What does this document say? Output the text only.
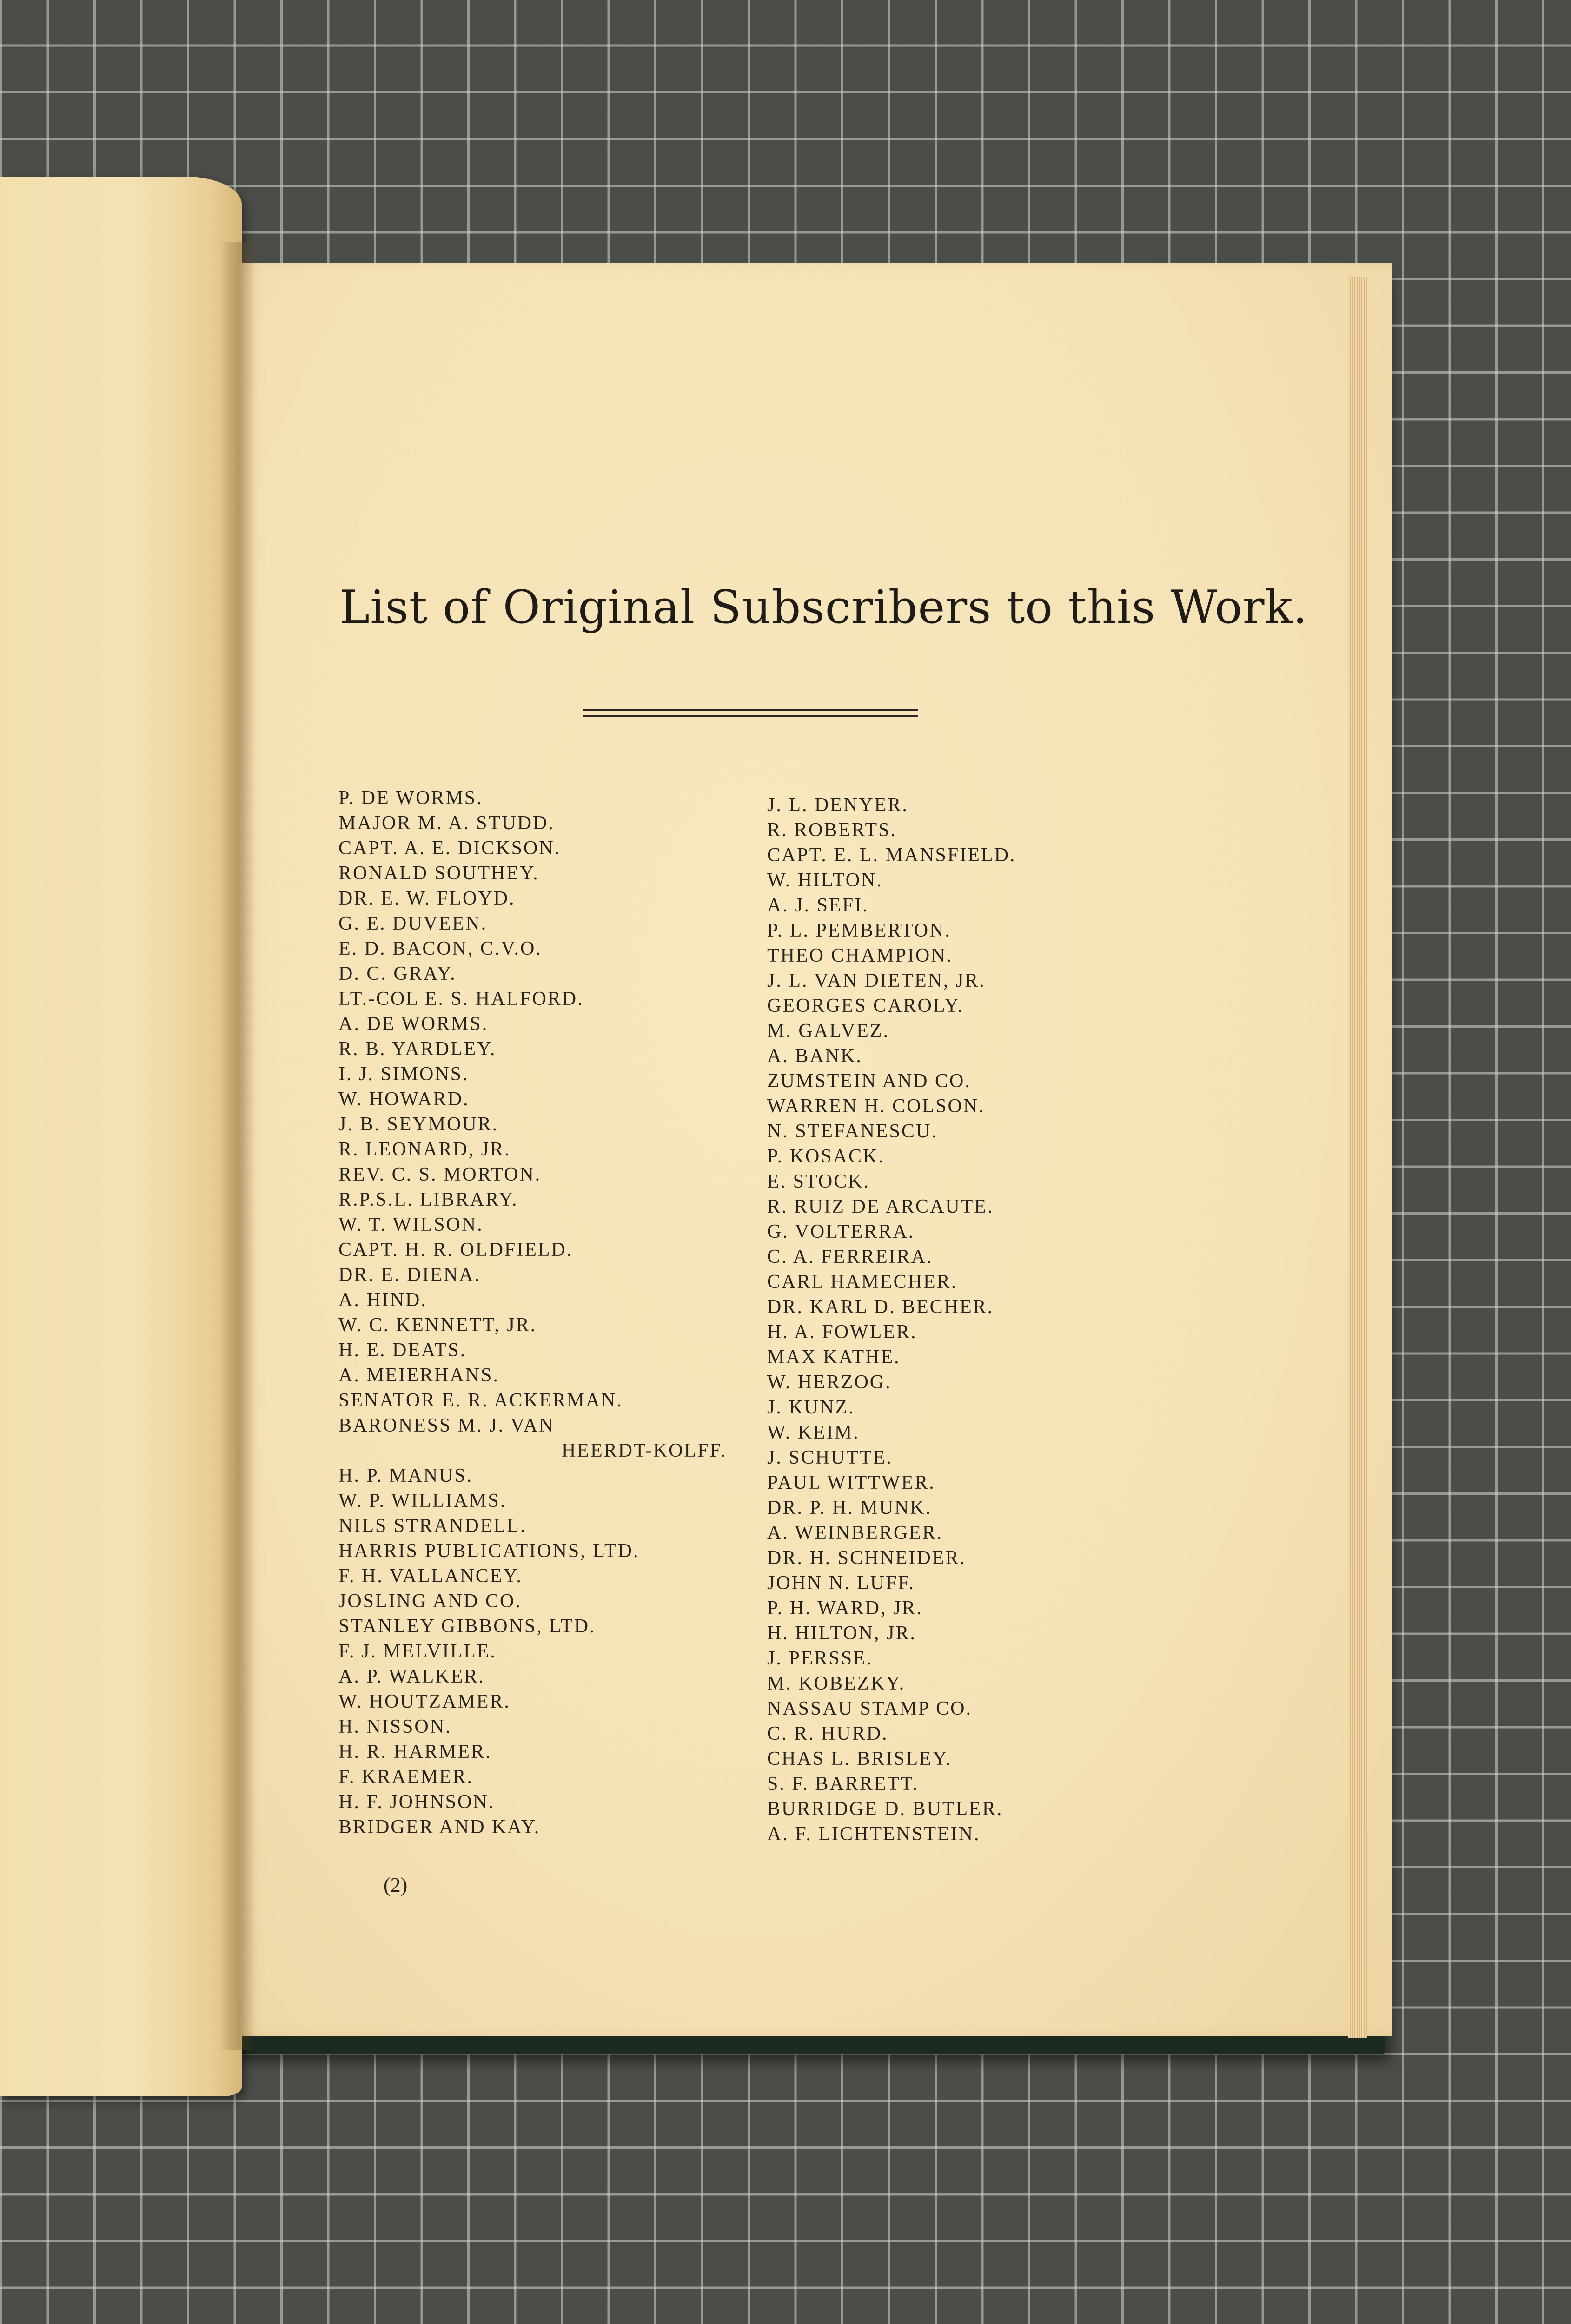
List of Original Subscribers to this Work.
P. DE WORMS.
MAJOR M. A. STUDD.
CAPT. A. E. DICKSON.
RONALD SOUTHEY.
DR. E. W. FLOYD.
G. E. DUVEEN.
E. D. BACON, C.V.O.
D. C. GRAY.
LT.-COL E. S. HALFORD.
A. DE WORMS.
R. B. YARDLEY.
I. J. SIMONS.
W. HOWARD.
J. B. SEYMOUR.
R. LEONARD, JR.
REV. C. S. MORTON.
R.P.S.L. LIBRARY.
W. T. WILSON.
CAPT. H. R. OLDFIELD.
DR. E. DIENA.
A. HIND.
W. C. KENNETT, JR.
H. E. DEATS.
A. MEIERHANS.
SENATOR E. R. ACKERMAN.
BARONESS M. J. VAN
HEERDT-KOLFF.
H. P. MANUS.
W. P. WILLIAMS.
NILS STRANDELL.
HARRIS PUBLICATIONS, LTD.
F. H. VALLANCEY.
JOSLING AND CO.
STANLEY GIBBONS, LTD.
F. J. MELVILLE.
A. P. WALKER.
W. HOUTZAMER.
H. NISSON.
H. R. HARMER.
F. KRAEMER.
H. F. JOHNSON.
BRIDGER AND KAY.
J. L. DENYER.
R. ROBERTS.
CAPT. E. L. MANSFIELD.
W. HILTON.
A. J. SEFI.
P. L. PEMBERTON.
THEO CHAMPION.
J. L. VAN DIETEN, JR.
GEORGES CAROLY.
M. GALVEZ.
A. BANK.
ZUMSTEIN AND CO.
WARREN H. COLSON.
N. STEFANESCU.
P. KOSACK.
E. STOCK.
R. RUIZ DE ARCAUTE.
G. VOLTERRA.
C. A. FERREIRA.
CARL HAMECHER.
DR. KARL D. BECHER.
H. A. FOWLER.
MAX KATHE.
W. HERZOG.
J. KUNZ.
W. KEIM.
J. SCHUTTE.
PAUL WITTWER.
DR. P. H. MUNK.
A. WEINBERGER.
DR. H. SCHNEIDER.
JOHN N. LUFF.
P. H. WARD, JR.
H. HILTON, JR.
J. PERSSE.
M. KOBEZKY.
NASSAU STAMP CO.
C. R. HURD.
CHAS L. BRISLEY.
S. F. BARRETT.
BURRIDGE D. BUTLER.
A. F. LICHTENSTEIN.
(2)
